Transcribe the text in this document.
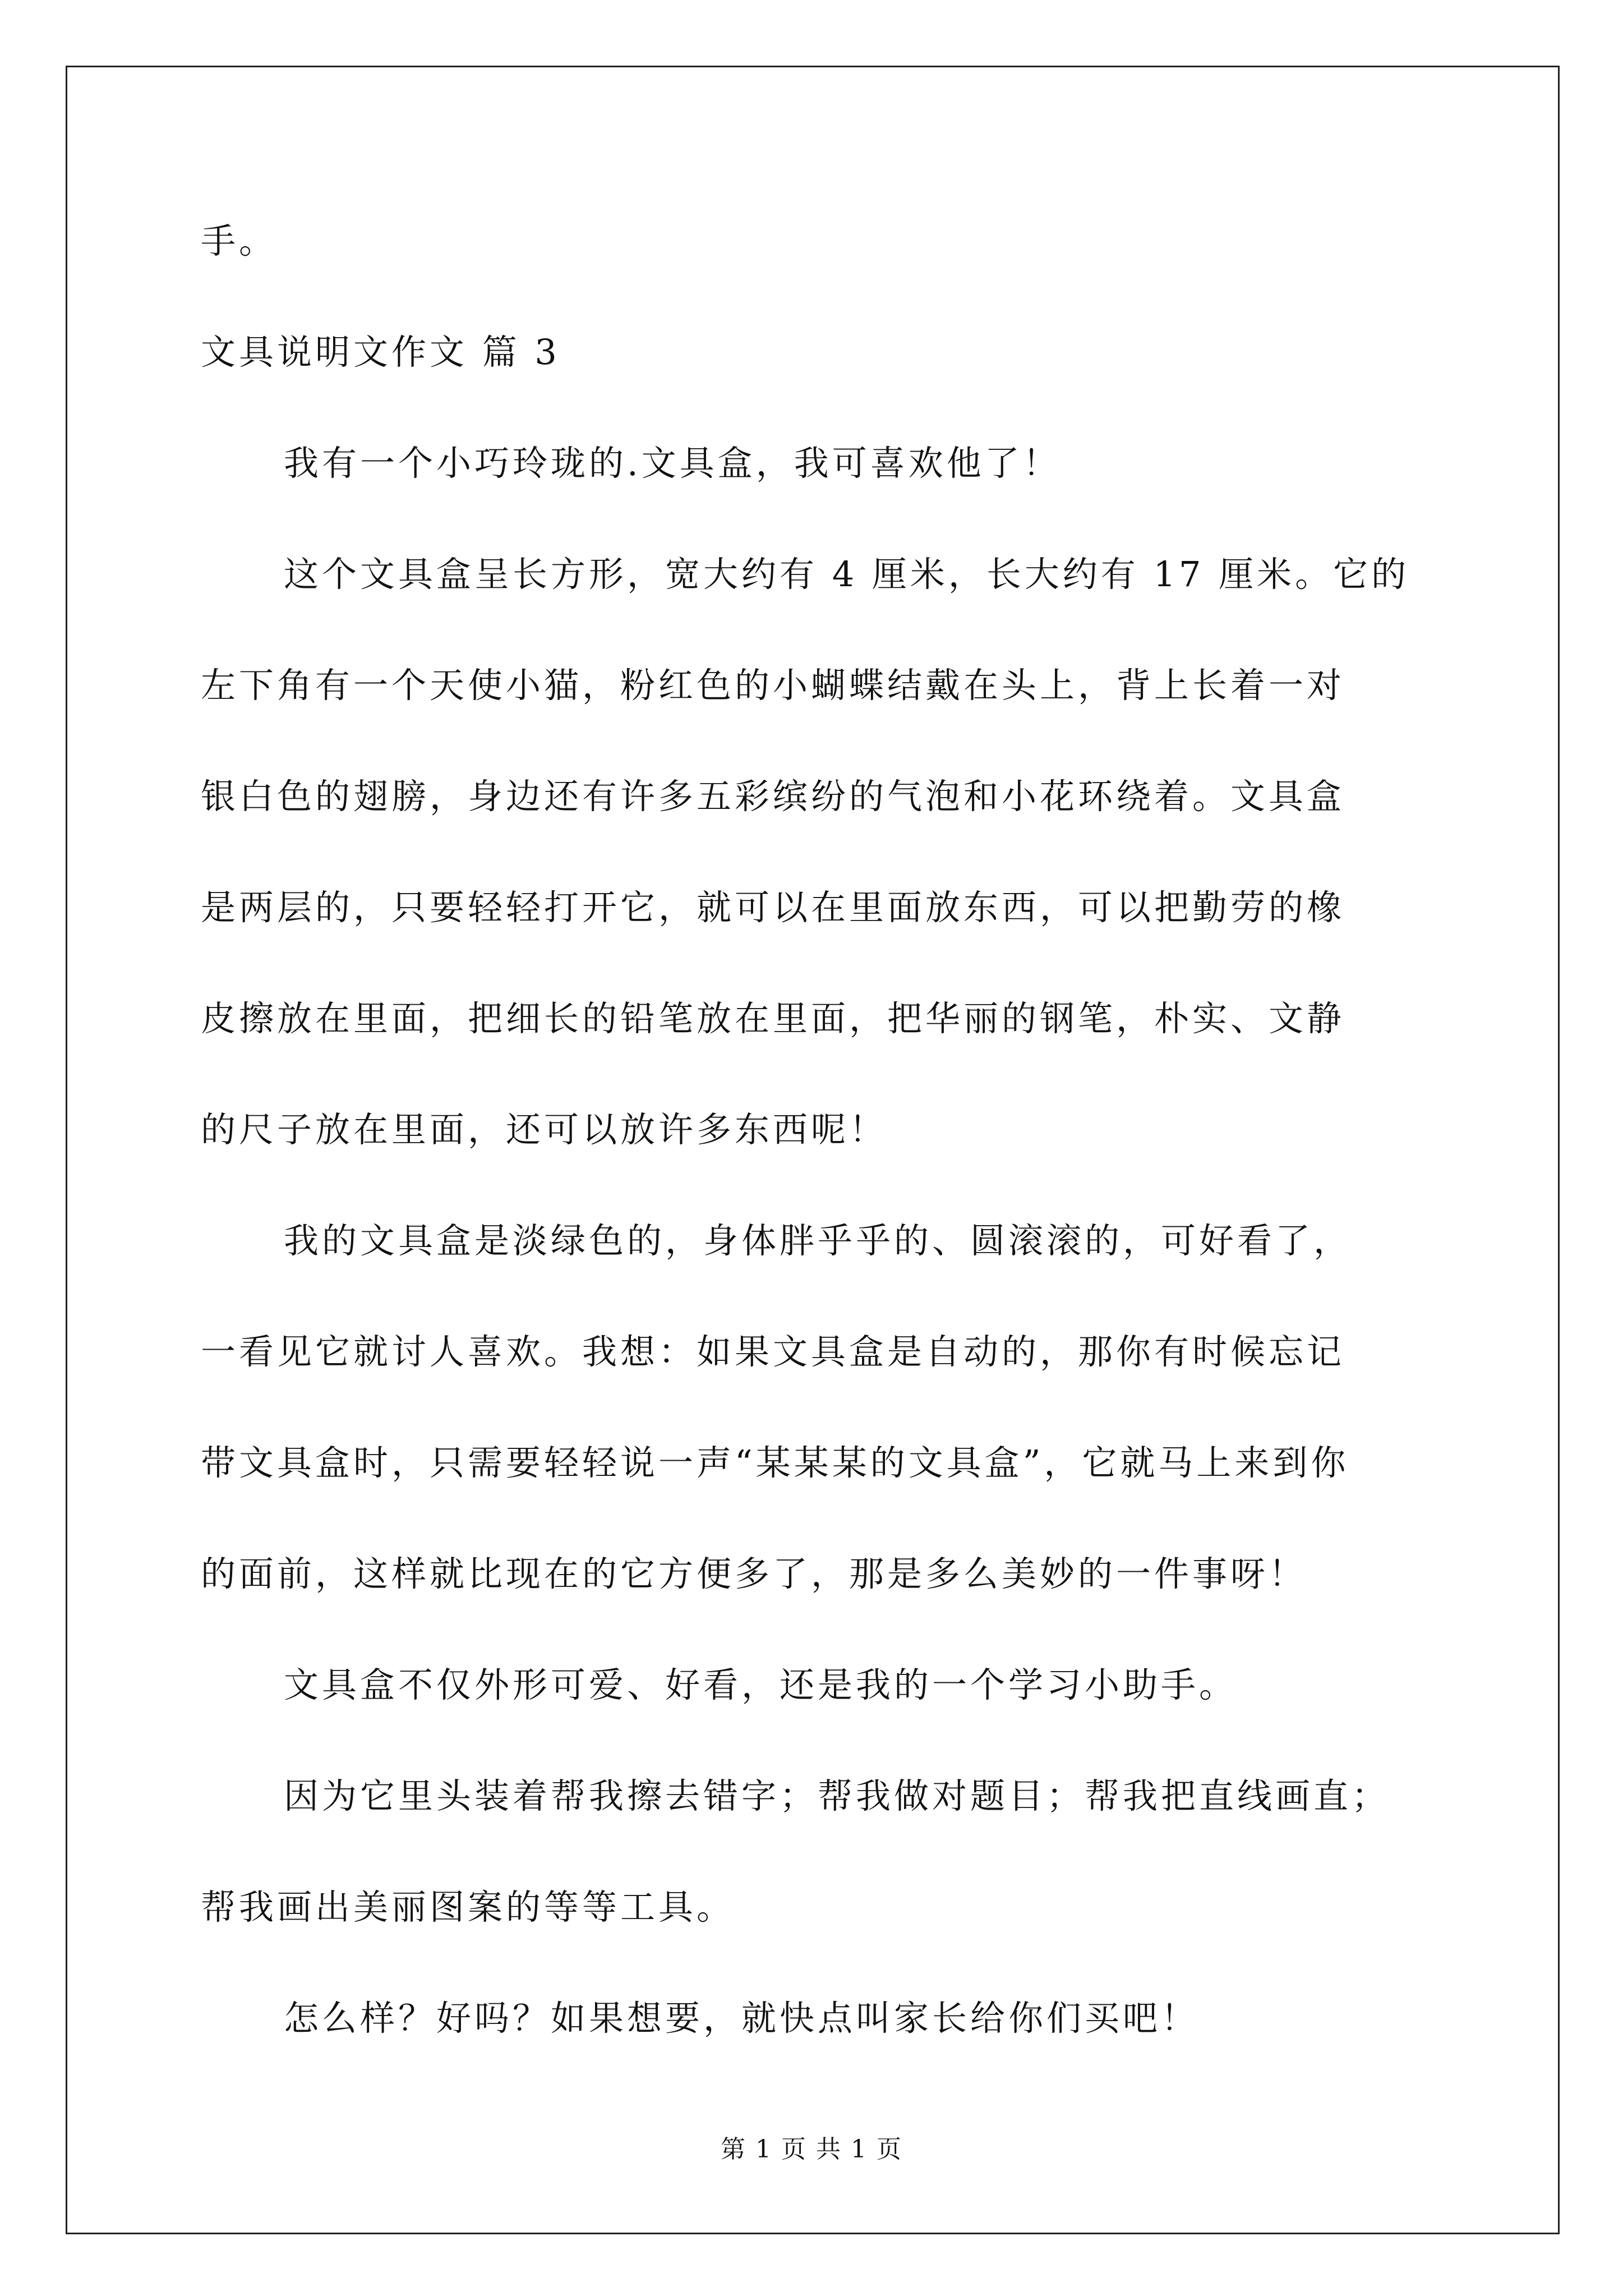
手。
文具说明文作文 篇 3
我有一个小巧玲珑的.文具盒，我可喜欢他了！
这个文具盒呈长方形，宽大约有 4 厘米，长大约有 17 厘米。它的
左下角有一个天使小猫，粉红色的小蝴蝶结戴在头上，背上长着一对
银白色的翅膀，身边还有许多五彩缤纷的气泡和小花环绕着。文具盒
是两层的，只要轻轻打开它，就可以在里面放东西，可以把勤劳的橡
皮擦放在里面，把细长的铅笔放在里面，把华丽的钢笔，朴实、文静
的尺子放在里面，还可以放许多东西呢！
我的文具盒是淡绿色的，身体胖乎乎的、圆滚滚的，可好看了，
一看见它就讨人喜欢。我想：如果文具盒是自动的，那你有时候忘记
带文具盒时，只需要轻轻说一声“某某某的文具盒”，它就马上来到你
的面前，这样就比现在的它方便多了，那是多么美妙的一件事呀！
文具盒不仅外形可爱、好看，还是我的一个学习小助手。
因为它里头装着帮我擦去错字；帮我做对题目；帮我把直线画直；
帮我画出美丽图案的等等工具。
怎么样？好吗？如果想要，就快点叫家长给你们买吧！
第 1 页 共 1 页
